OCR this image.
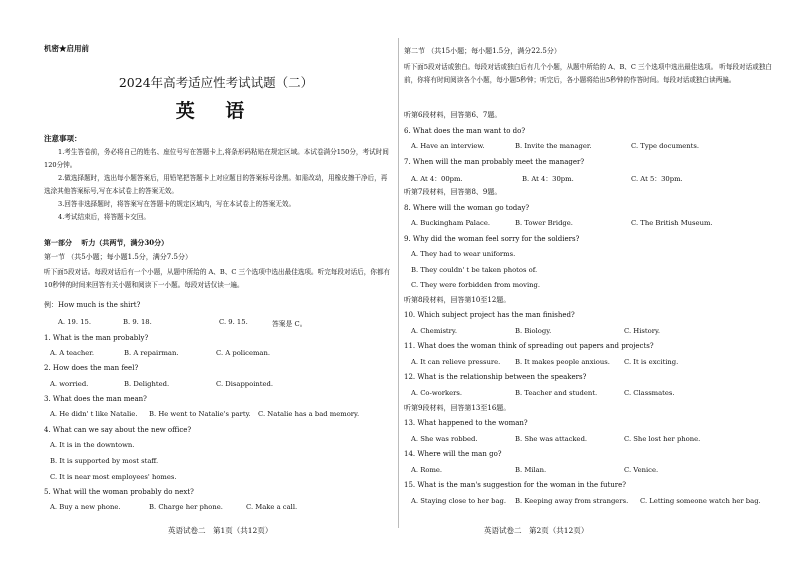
机密★启用前
2024年高考适应性考试试题（二）
英 语
注意事项：
1.考生答卷前，务必将自己的姓名、座位号写在答题卡上,将条形码粘贴在规定区域。本试卷满分150分，考试时间120分钟。
2.做选择题时，选出每小题答案后，用铅笔把答题卡上对应题目的答案标号涂黑。如需改动，用橡皮擦干净后，再选涂其他答案标号,写在本试卷上的答案无效。
3.回答非选择题时，将答案写在答题卡的规定区域内，写在本试卷上的答案无效。
4.考试结束后，将答题卡交回。
第一部分　 听力（共两节，满分30分）
第一节 （共5小题；每小题1.5分，满分7.5分）
听下面5段对话。每段对话后有一个小题，从题中所给的 A、B、C 三个选项中选出最佳选项。听完每段对话后，你都有10秒钟的时间来回答有关小题和阅读下一小题。每段对话仅读一遍。
例：How much is the shirt?
A. 19. 15.	B. 9. 18.	C. 9. 15.	答案是 C。
1. What is the man probably?
A. A teacher.	B. A repairman.	C. A policeman.
2. How does the man feel?
A. worried.	B. Delighted.	C. Disappointed.
3. What does the man mean?
A. He didn' t like Natalie. B. He went to Natalie's party. C. Natalie has a bad memory.
4. What can we say about the new office?
A. It is in the downtown.
B. It is supported by most staff.
C. It is near most employees' homes.
5. What will the woman probably do next?
A. Buy a new phone.	B. Charge her phone.	C. Make a call.
英语试卷二　第1页（共12页）
第二节 （共15小题；每小题1.5分，满分22.5分）
听下面5段对话或独白。每段对话或独白后有几个小题，从题中所给的 A、B、C 三个选项中选出最佳选项。 听每段对话或独白前，你将有时间阅读各个小题，每小题5秒钟；听完后，各小题将给出5秒钟的作答时间。每段对话或独白读两遍。
听第6段材料，回答第6、7题。
6. What does the man want to do?
A. Have an interview.	B. Invite the manager.	C. Type documents.
7. When will the man probably meet the manager?
A. At 4：00pm.	B. At 4：30pm.	C. At 5：30pm.
听第7段材料，回答第8、9题。
8. Where will the woman go today?
A. Buckingham Palace.	B. Tower Bridge.	C. The British Museum.
9. Why did the woman feel sorry for the soldiers?
A. They had to wear uniforms.
B. They couldn' t be taken photos of.
C. They were forbidden from moving.
听第8段材料，回答第10至12题。
10. Which subject project has the man finished?
A. Chemistry.	B. Biology.	C. History.
11. What does the woman think of spreading out papers and projects?
A. It can relieve pressure. B. It makes people anxious. C. It is exciting.
12. What is the relationship between the speakers?
A. Co-workers.	B. Teacher and student.	C. Classmates.
听第9段材料，回答第13至16题。
13. What happened to the woman?
A. She was robbed.	B. She was attacked.	C. She lost her phone.
14. Where will the man go?
A. Rome.	B. Milan.	C. Venice.
15. What is the man's suggestion for the woman in the future?
A. Staying close to her bag. B. Keeping away from strangers. C. Letting someone watch her bag.
英语试卷二　第2页（共12页）
